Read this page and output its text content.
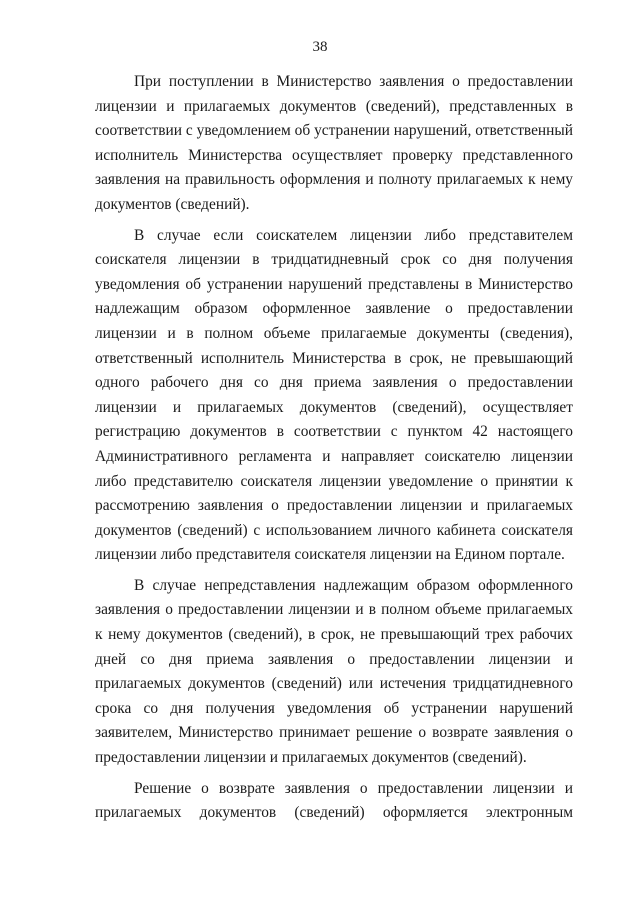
38

При поступлении в Министерство заявления о предоставлении лицензии и прилагаемых документов (сведений), представленных в соответствии с уведомлением об устранении нарушений, ответственный исполнитель Министерства осуществляет проверку представленного заявления на правильность оформления и полноту прилагаемых к нему документов (сведений).

В случае если соискателем лицензии либо представителем соискателя лицензии в тридцатидневный срок со дня получения уведомления об устранении нарушений представлены в Министерство надлежащим образом оформленное заявление о предоставлении лицензии и в полном объеме прилагаемые документы (сведения), ответственный исполнитель Министерства в срок, не превышающий одного рабочего дня со дня приема заявления о предоставлении лицензии и прилагаемых документов (сведений), осуществляет регистрацию документов в соответствии с пунктом 42 настоящего Административного регламента и направляет соискателю лицензии либо представителю соискателя лицензии уведомление о принятии к рассмотрению заявления о предоставлении лицензии и прилагаемых документов (сведений) с использованием личного кабинета соискателя лицензии либо представителя соискателя лицензии на Едином портале.

В случае непредставления надлежащим образом оформленного заявления о предоставлении лицензии и в полном объеме прилагаемых к нему документов (сведений), в срок, не превышающий трех рабочих дней со дня приема заявления о предоставлении лицензии и прилагаемых документов (сведений) или истечения тридцатидневного срока со дня получения уведомления об устранении нарушений заявителем, Министерство принимает решение о возврате заявления о предоставлении лицензии и прилагаемых документов (сведений).

Решение о возврате заявления о предоставлении лицензии и прилагаемых документов (сведений) оформляется электронным
